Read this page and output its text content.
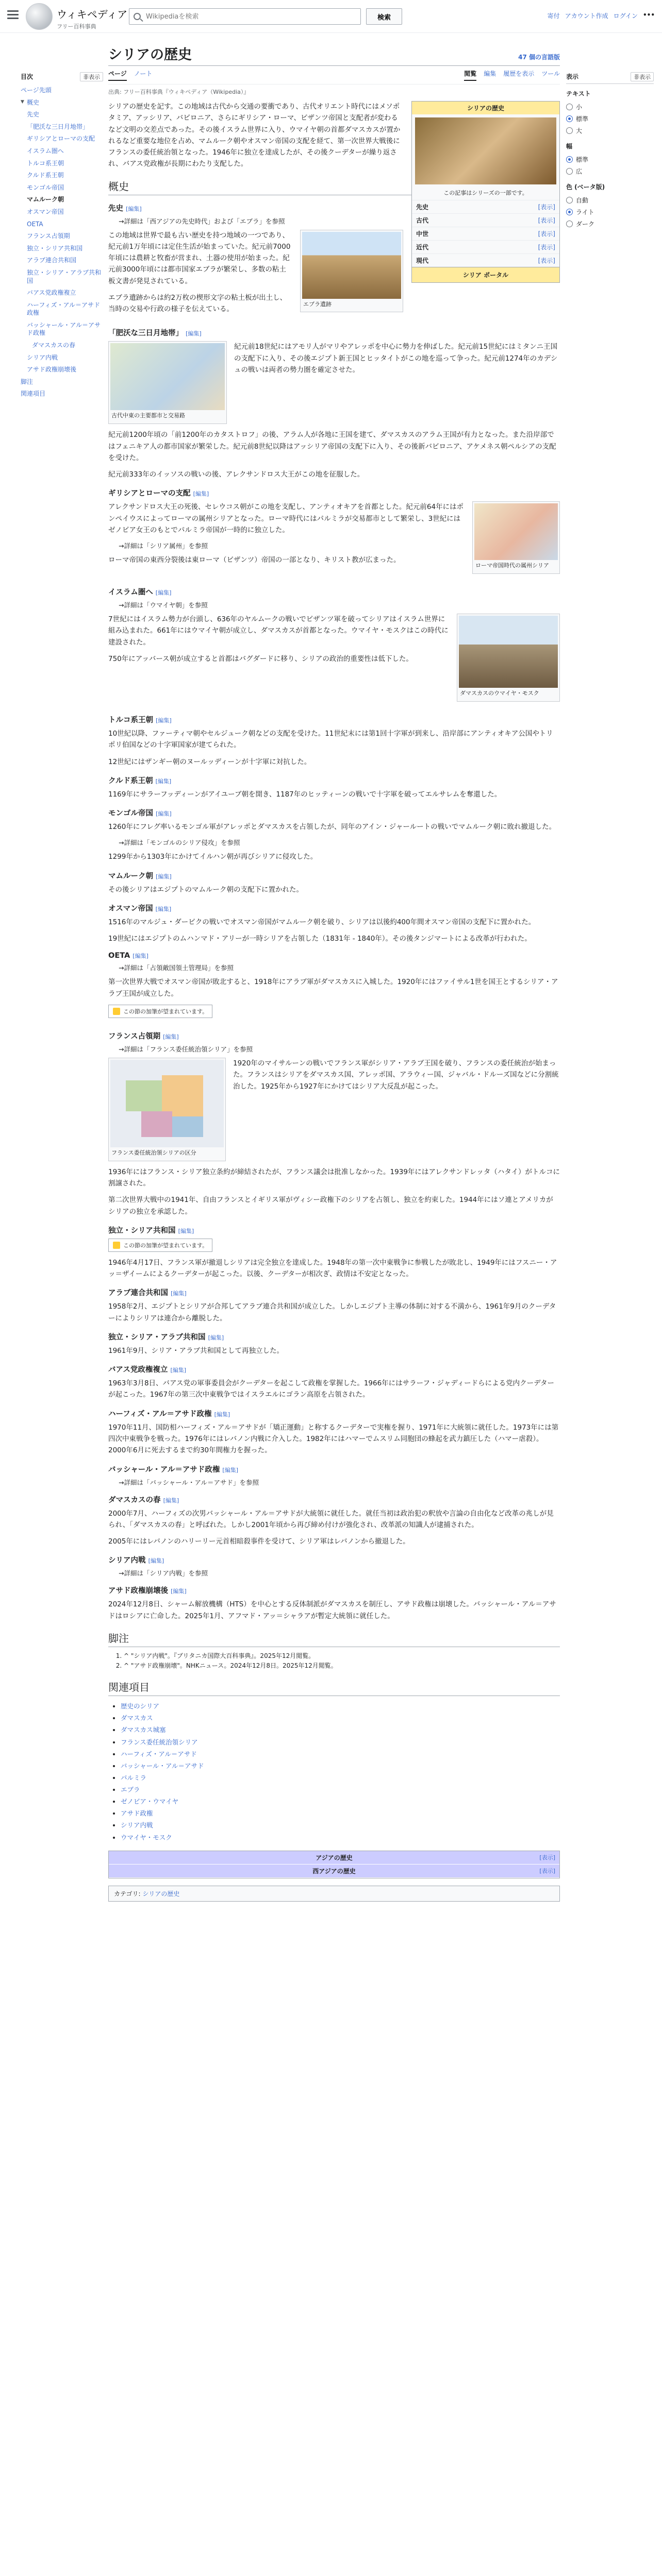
ウィキペディア
フリー百科事典
Wikipediaを検索
検索	寄付 アカウント作成 ログイン •••
目次	非表示
ページ先頭
▼ 概史
先史
「肥沃な三日月地帯」
ギリシアとローマの支配
イスラム圏へ
トルコ系王朝
クルド系王朝
モンゴル帝国
マムルーク朝
オスマン帝国
OETA
フランス占領期
独立・シリア共和国
アラブ連合共和国
独立・シリア・アラブ共和国
バアス党政権複立
ハーフィズ・アル＝アサド政権
バッシャール・アル＝アサド政権
ダマスカスの春
シリア内戦
アサド政権崩壊後
脚注
関連項目
表示	非表示
テキスト
小
標準
大
幅
標準
広
色 (ベータ版)
自動
ライト
ダーク
シリアの歴史	47 個の言語版
ページ ノート	閲覧 編集 履歴を表示 ツール
出典: フリー百科事典『ウィキペディア（Wikipedia）』
シリアの歴史
この記事はシリーズの一部です。
先史	[表示]
古代	[表示]
中世	[表示]
近代	[表示]
現代	[表示]
シリア ポータル

シリアの歴史を記す。この地域は古代から交通の要衝であり、古代オリエント時代にはメソポタミア、アッシリア、バビロニア、さらにギリシア・ローマ、ビザンツ帝国と支配者が変わるなど文明の交差点であった。その後イスラム世界に入り、ウマイヤ朝の首都ダマスカスが置かれるなど重要な地位を占め、マムルーク朝やオスマン帝国の支配を経て、第一次世界大戦後にフランスの委任統治領となった。1946年に独立を達成したが、その後クーデターが繰り返され、バアス党政権が長期にわたり支配した。

概史
先史 [編集]
→詳細は「西アジアの先史時代」および「エブラ」を参照
エブラ遺跡

この地域は世界で最も古い歴史を持つ地域の一つであり、紀元前1万年頃には定住生活が始まっていた。紀元前7000年頃には農耕と牧畜が営まれ、土器の使用が始まった。紀元前3000年頃には都市国家エブラが繁栄し、多数の粘土板文書が発見されている。

エブラ遺跡からは約2万枚の楔形文字の粘土板が出土し、当時の交易や行政の様子を伝えている。

「肥沃な三日月地帯」 [編集]
古代中東の主要都市と交易路

紀元前18世紀にはアモリ人がマリやアレッポを中心に勢力を伸ばした。紀元前15世紀にはミタンニ王国の支配下に入り、その後エジプト新王国とヒッタイトがこの地を巡って争った。紀元前1274年のカデシュの戦いは両者の勢力圏を確定させた。

紀元前1200年頃の「前1200年のカタストロフ」の後、アラム人が各地に王国を建て、ダマスカスのアラム王国が有力となった。また沿岸部ではフェニキア人の都市国家が繁栄した。紀元前8世紀以降はアッシリア帝国の支配下に入り、その後新バビロニア、アケメネス朝ペルシアの支配を受けた。

紀元前333年のイッソスの戦いの後、アレクサンドロス大王がこの地を征服した。

ギリシアとローマの支配 [編集]
ローマ帝国時代の属州シリア

アレクサンドロス大王の死後、セレウコス朝がこの地を支配し、アンティオキアを首都とした。紀元前64年にはポンペイウスによってローマの属州シリアとなった。ローマ時代にはパルミラが交易都市として繁栄し、3世紀にはゼノビア女王のもとでパルミラ帝国が一時的に独立した。

→詳細は「シリア属州」を参照

ローマ帝国の東西分裂後は東ローマ（ビザンツ）帝国の一部となり、キリスト教が広まった。

イスラム圏へ [編集]
→詳細は「ウマイヤ朝」を参照
ダマスカスのウマイヤ・モスク

7世紀にはイスラム勢力が台頭し、636年のヤルムークの戦いでビザンツ軍を破ってシリアはイスラム世界に組み込まれた。661年にはウマイヤ朝が成立し、ダマスカスが首都となった。ウマイヤ・モスクはこの時代に建設された。

750年にアッバース朝が成立すると首都はバグダードに移り、シリアの政治的重要性は低下した。

トルコ系王朝 [編集]

10世紀以降、ファーティマ朝やセルジューク朝などの支配を受けた。11世紀末には第1回十字軍が到来し、沿岸部にアンティオキア公国やトリポリ伯国などの十字軍国家が建てられた。

12世紀にはザンギー朝のヌールッディーンが十字軍に対抗した。

クルド系王朝 [編集]

1169年にサラーフッディーンがアイユーブ朝を開き、1187年のヒッティーンの戦いで十字軍を破ってエルサレムを奪還した。

モンゴル帝国 [編集]

1260年にフレグ率いるモンゴル軍がアレッポとダマスカスを占領したが、同年のアイン・ジャールートの戦いでマムルーク朝に敗れ撤退した。

→詳細は「モンゴルのシリア侵攻」を参照

1299年から1303年にかけてイルハン朝が再びシリアに侵攻した。

マムルーク朝 [編集]

その後シリアはエジプトのマムルーク朝の支配下に置かれた。

オスマン帝国 [編集]

1516年のマルジュ・ダービクの戦いでオスマン帝国がマムルーク朝を破り、シリアは以後約400年間オスマン帝国の支配下に置かれた。

19世紀にはエジプトのムハンマド・アリーが一時シリアを占領した（1831年 - 1840年）。その後タンジマートによる改革が行われた。

OETA [編集]
→詳細は「占領敵国領土管理局」を参照

第一次世界大戦でオスマン帝国が敗北すると、1918年にアラブ軍がダマスカスに入城した。1920年にはファイサル1世を国王とするシリア・アラブ王国が成立した。

この節の加筆が望まれています。
フランス占領期 [編集]
→詳細は「フランス委任統治領シリア」を参照
フランス委任統治領シリアの区分

1920年のマイサルーンの戦いでフランス軍がシリア・アラブ王国を破り、フランスの委任統治が始まった。フランスはシリアをダマスカス国、アレッポ国、アラウィー国、ジャバル・ドルーズ国などに分割統治した。1925年から1927年にかけてはシリア大反乱が起こった。

1936年にはフランス・シリア独立条約が締結されたが、フランス議会は批准しなかった。1939年にはアレクサンドレッタ（ハタイ）がトルコに割譲された。

第二次世界大戦中の1941年、自由フランスとイギリス軍がヴィシー政権下のシリアを占領し、独立を約束した。1944年にはソ連とアメリカがシリアの独立を承認した。

独立・シリア共和国 [編集]
この節の加筆が望まれています。

1946年4月17日、フランス軍が撤退しシリアは完全独立を達成した。1948年の第一次中東戦争に参戦したが敗北し、1949年にはフスニー・アッ＝ザイームによるクーデターが起こった。以後、クーデターが相次ぎ、政情は不安定となった。

アラブ連合共和国 [編集]

1958年2月、エジプトとシリアが合邦してアラブ連合共和国が成立した。しかしエジプト主導の体制に対する不満から、1961年9月のクーデターによりシリアは連合から離脱した。

独立・シリア・アラブ共和国 [編集]

1961年9月、シリア・アラブ共和国として再独立した。

バアス党政権複立 [編集]

1963年3月8日、バアス党の軍事委員会がクーデターを起こして政権を掌握した。1966年にはサラーフ・ジャディードらによる党内クーデターが起こった。1967年の第三次中東戦争ではイスラエルにゴラン高原を占領された。

ハーフィズ・アル＝アサド政権 [編集]

1970年11月、国防相ハーフィズ・アル＝アサドが「矯正運動」と称するクーデターで実権を握り、1971年に大統領に就任した。1973年には第四次中東戦争を戦った。1976年にはレバノン内戦に介入した。1982年にはハマーでムスリム同胞団の蜂起を武力鎮圧した（ハマー虐殺）。2000年6月に死去するまで約30年間権力を握った。

バッシャール・アル＝アサド政権 [編集]
→詳細は「バッシャール・アル＝アサド」を参照
ダマスカスの春 [編集]

2000年7月、ハーフィズの次男バッシャール・アル＝アサドが大統領に就任した。就任当初は政治犯の釈放や言論の自由化など改革の兆しが見られ、「ダマスカスの春」と呼ばれた。しかし2001年頃から再び締め付けが強化され、改革派の知識人が逮捕された。

2005年にはレバノンのハリーリー元首相暗殺事件を受けて、シリア軍はレバノンから撤退した。

シリア内戦 [編集]
→詳細は「シリア内戦」を参照
アサド政権崩壊後 [編集]

2024年12月8日、シャーム解放機構（HTS）を中心とする反体制派がダマスカスを制圧し、アサド政権は崩壊した。バッシャール・アル＝アサドはロシアに亡命した。2025年1月、アフマド・アッ＝シャラアが暫定大統領に就任した。

脚注
1. ^ "シリア内戦"。『ブリタニカ国際大百科事典』。2025年12月閲覧。
2. ^ "アサド政権崩壊"。NHKニュース。2024年12月8日。2025年12月閲覧。
関連項目
• 歴史のシリア
• ダマスカス
• ダマスカス城塞
• フランス委任統治領シリア
• ハーフィズ・アル＝アサド
• バッシャール・アル＝アサド
• パルミラ
• エブラ
• ゼノビア・ウマイヤ
• アサド政権
• シリア内戦
• ウマイヤ・モスク
アジアの歴史	[表示]
西アジアの歴史	[表示]
カテゴリ: シリアの歴史
